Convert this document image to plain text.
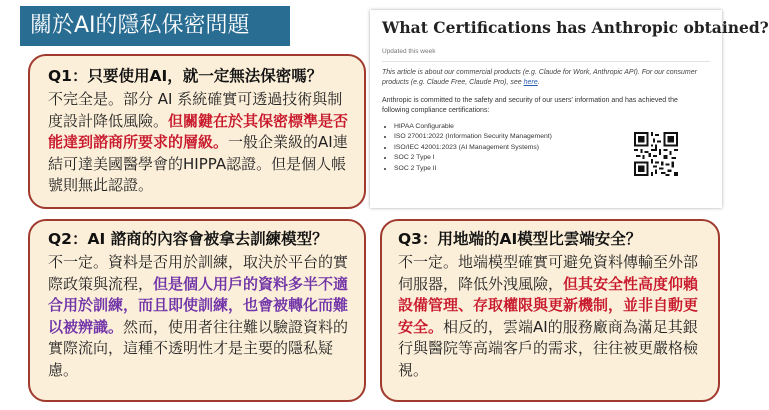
關於AI的隱私保密問題
Q1：只要使用AI，就一定無法保密嗎？
不完全是。部分 AI 系統確實可透過技術與制度設計降低風險。但關鍵在於其保密標準是否能達到諮商所要求的層級。一般企業級的AI連結可達美國醫學會的HIPPA認證。但是個人帳號則無此認證。
Q2：AI 諮商的內容會被拿去訓練模型？
不一定。資料是否用於訓練，取決於平台的實際政策與流程，但是個人用戶的資料多半不適合用於訓練，而且即使訓練，也會被轉化而難以被辨識。然而，使用者往往難以驗證資料的實際流向，這種不透明性才是主要的隱私疑慮。
Q3：用地端的AI模型比雲端安全？
不一定。地端模型確實可避免資料傳輸至外部伺服器，降低外洩風險，但其安全性高度仰賴設備管理、存取權限與更新機制，並非自動更安全。相反的，雲端AI的服務廠商為滿足其銀行與醫院等高端客戶的需求，往往被更嚴格檢視。
What Certifications has Anthropic obtained?
Updated this week
This article is about our commercial products (e.g. Claude for Work, Anthropic API). For our consumer products (e.g. Claude Free, Claude Pro), see here.
Anthropic is committed to the safety and security of our users' information and has achieved the following compliance certifications:
• HIPAA Configurable
• ISO 27001:2022 (Information Security Management)
• ISO/IEC 42001:2023 (AI Management Systems)
• SOC 2 Type I
• SOC 2 Type II
